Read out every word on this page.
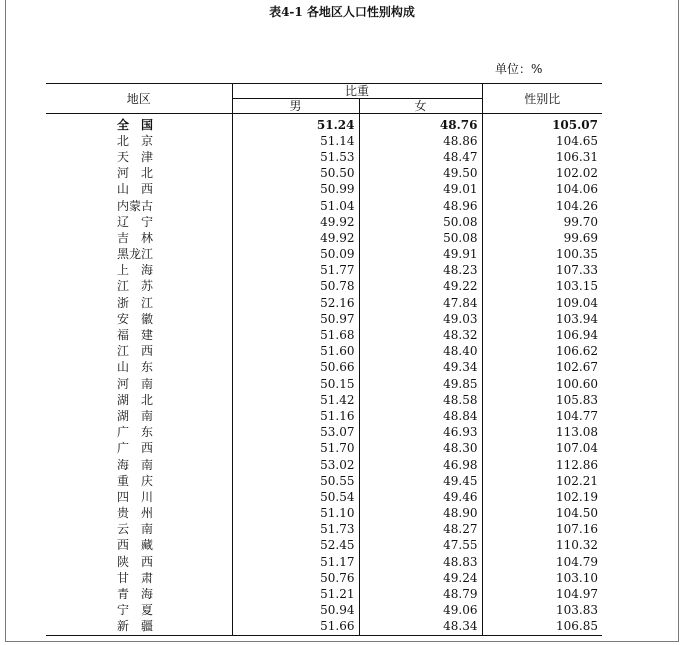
表4-1 各地区人口性别构成
单位：%
地区	比重		性别比
	男	女	
全　国	51.24	48.76	105.07
北　京	51.14	48.86	104.65
天　津	51.53	48.47	106.31
河　北	50.50	49.50	102.02
山　西	50.99	49.01	104.06
内蒙古	51.04	48.96	104.26
辽　宁	49.92	50.08	99.70
吉　林	49.92	50.08	99.69
黑龙江	50.09	49.91	100.35
上　海	51.77	48.23	107.33
江　苏	50.78	49.22	103.15
浙　江	52.16	47.84	109.04
安　徽	50.97	49.03	103.94
福　建	51.68	48.32	106.94
江　西	51.60	48.40	106.62
山　东	50.66	49.34	102.67
河　南	50.15	49.85	100.60
湖　北	51.42	48.58	105.83
湖　南	51.16	48.84	104.77
广　东	53.07	46.93	113.08
广　西	51.70	48.30	107.04
海　南	53.02	46.98	112.86
重　庆	50.55	49.45	102.21
四　川	50.54	49.46	102.19
贵　州	51.10	48.90	104.50
云　南	51.73	48.27	107.16
西　藏	52.45	47.55	110.32
陕　西	51.17	48.83	104.79
甘　肃	50.76	49.24	103.10
青　海	51.21	48.79	104.97
宁　夏	50.94	49.06	103.83
新　疆	51.66	48.34	106.85
